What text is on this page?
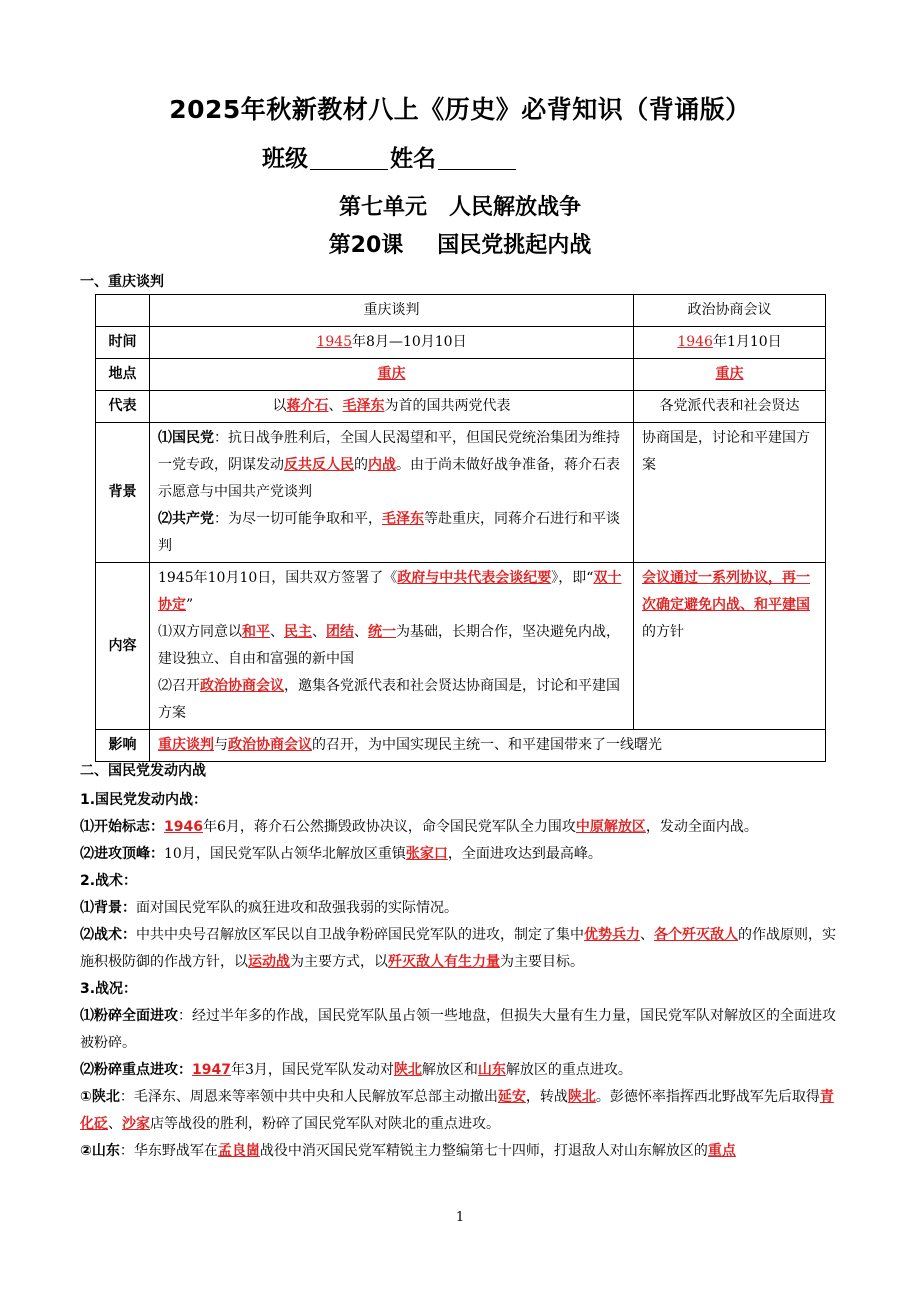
2025年秋新教材八上《历史》必背知识（背诵版）
班级	姓名
第七单元　人民解放战争
第20课 国民党挑起内战
一、重庆谈判
	重庆谈判	政治协商会议
时间	1945年8月—10月10日	1946年1月10日
地点	重庆	重庆
代表	以蒋介石、毛泽东为首的国共两党代表	各党派代表和社会贤达
背景	⑴国民党：抗日战争胜利后，全国人民渴望和平，但国民党统治集团为维持一党专政，阴谋发动反共反人民的内战。由于尚未做好战争准备，蒋介石表示愿意与中国共产党谈判
⑵共产党：为尽一切可能争取和平，毛泽东等赴重庆，同蒋介石进行和平谈判	协商国是，讨论和平建国方案
内容	1945年10月10日，国共双方签署了《政府与中共代表会谈纪要》，即“双十协定”
⑴双方同意以和平、民主、团结、统一为基础，长期合作，坚决避免内战，建设独立、自由和富强的新中国
⑵召开政治协商会议，邀集各党派代表和社会贤达协商国是，讨论和平建国方案	会议通过一系列协议，再一次确定避免内战、和平建国的方针
影响	重庆谈判与政治协商会议的召开，为中国实现民主统一、和平建国带来了一线曙光	
二、国民党发动内战

1.国民党发动内战：

⑴开始标志：1946年6月，蒋介石公然撕毁政协决议，命令国民党军队全力围攻中原解放区，发动全面内战。

⑵进攻顶峰：10月，国民党军队占领华北解放区重镇张家口，全面进攻达到最高峰。

2.战术：

⑴背景：面对国民党军队的疯狂进攻和敌强我弱的实际情况。

⑵战术：中共中央号召解放区军民以自卫战争粉碎国民党军队的进攻，制定了集中优势兵力、各个歼灭敌人的作战原则，实施积极防御的作战方针，以运动战为主要方式，以歼灭敌人有生力量为主要目标。

3.战况：

⑴粉碎全面进攻：经过半年多的作战，国民党军队虽占领一些地盘，但损失大量有生力量，国民党军队对解放区的全面进攻被粉碎。

⑵粉碎重点进攻：1947年3月，国民党军队发动对陕北解放区和山东解放区的重点进攻。

①陕北：毛泽东、周恩来等率领中共中央和人民解放军总部主动撤出延安，转战陕北。彭德怀率指挥西北野战军先后取得青化砭、沙家店等战役的胜利，粉碎了国民党军队对陕北的重点进攻。

②山东：华东野战军在孟良崮战役中消灭国民党军精锐主力整编第七十四师，打退敌人对山东解放区的重点

1
